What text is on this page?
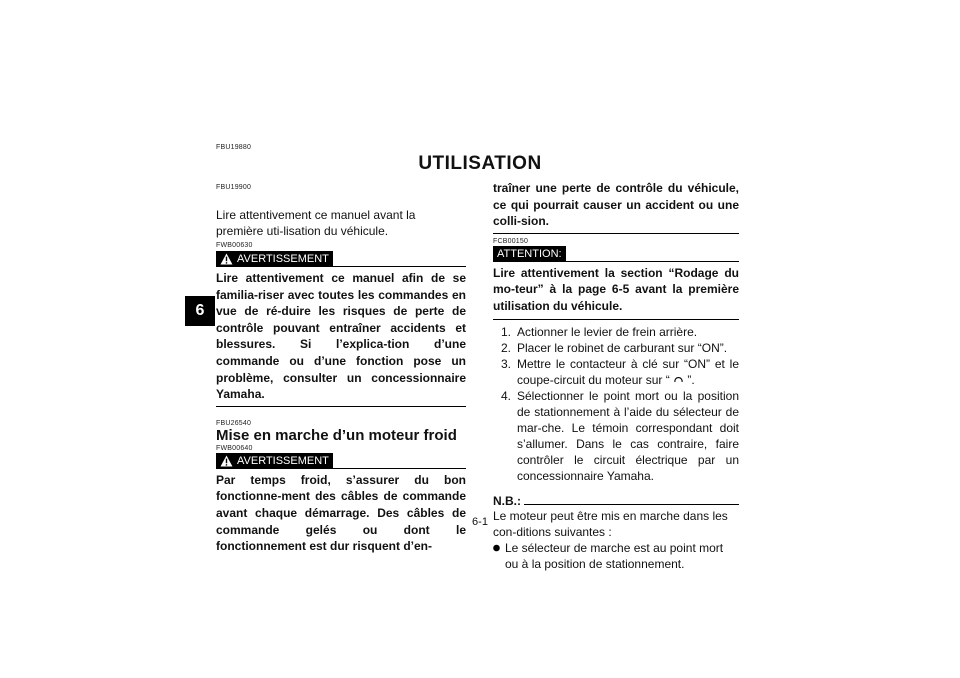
FBU19880
UTILISATION
6
FBU19900
Lire attentivement ce manuel avant la première uti-lisation du véhicule.
FWB00630
AVERTISSEMENT
Lire attentivement ce manuel afin de se familia-riser avec toutes les commandes en vue de ré-duire les risques de perte de contrôle pouvant entraîner accidents et blessures. Si l’explica-tion d’une commande ou d’une fonction pose un problème, consulter un concessionnaire Yamaha.
FBU26540
Mise en marche d’un moteur froid
FWB00640
AVERTISSEMENT
Par temps froid, s’assurer du bon fonctionne-ment des câbles de commande avant chaque démarrage. Des câbles de commande gelés ou dont le fonctionnement est dur risquent d’en-
traîner une perte de contrôle du véhicule, ce qui pourrait causer un accident ou une colli-sion.
FCB00150
ATTENTION:
Lire attentivement la section “Rodage du mo-teur” à la page 6-5 avant la première utilisation du véhicule.
1. Actionner le levier de frein arrière.
2. Placer le robinet de carburant sur “ON”.
3. Mettre le contacteur à clé sur “ON” et le coupe-circuit du moteur sur “  ”.
4. Sélectionner le point mort ou la position de stationnement à l’aide du sélecteur de mar-che. Le témoin correspondant doit s’allumer. Dans le cas contraire, faire contrôler le circuit électrique par un concessionnaire Yamaha.
N.B.:
Le moteur peut être mis en marche dans les con-ditions suivantes :
Le sélecteur de marche est au point mort ou à la position de stationnement.
6-1
